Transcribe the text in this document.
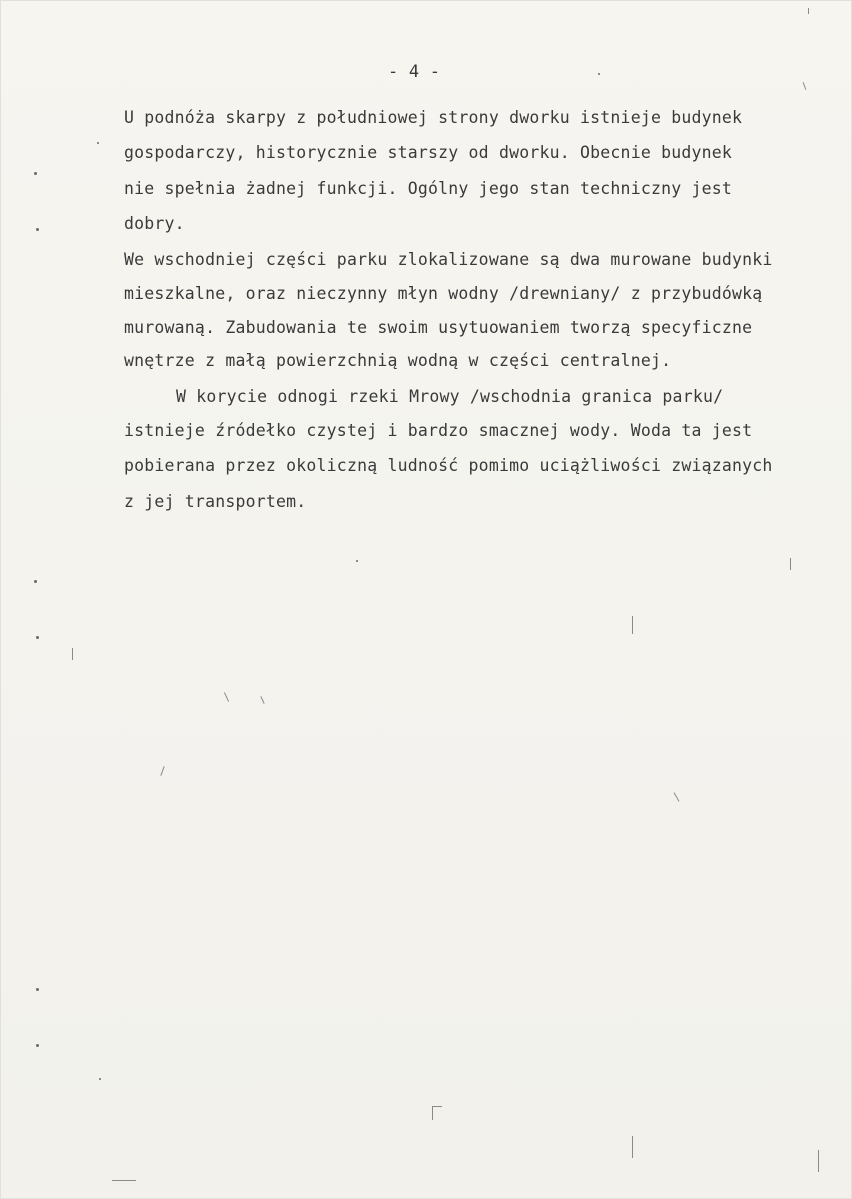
- 4 -
U podnóża skarpy z południowej strony dworku istnieje budynek
gospodarczy, historycznie starszy od dworku. Obecnie budynek
nie spełnia żadnej funkcji. Ogólny jego stan techniczny jest
dobry.
We wschodniej części parku zlokalizowane są dwa murowane budynki
mieszkalne, oraz nieczynny młyn wodny /drewniany/ z przybudówką
murowaną. Zabudowania te swoim usytuowaniem tworzą specyficzne
wnętrze z małą powierzchnią wodną w części centralnej.
W korycie odnogi rzeki Mrowy /wschodnia granica parku/
istnieje źródełko czystej i bardzo smacznej wody. Woda ta jest
pobierana przez okoliczną ludność pomimo uciążliwości związanych
z jej transportem.
